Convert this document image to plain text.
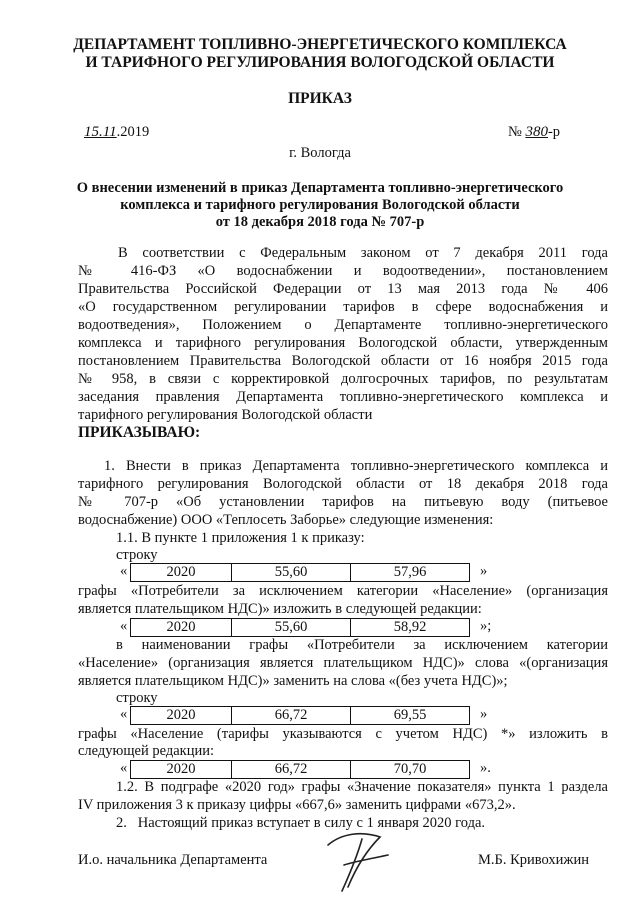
ДЕПАРТАМЕНТ ТОПЛИВНО-ЭНЕРГЕТИЧЕСКОГО КОМПЛЕКСА
И ТАРИФНОГО РЕГУЛИРОВАНИЯ ВОЛОГОДСКОЙ ОБЛАСТИ
ПРИКАЗ
15.11.2019	№ 380-р
г. Вологда
О внесении изменений в приказ Департамента топливно-энергетического
комплекса и тарифного регулирования Вологодской области
от 18 декабря 2018 года № 707-р
В соответствии с Федеральным законом от 7 декабря 2011 года
№ 416-ФЗ «О водоснабжении и водоотведении», постановлением
Правительства Российской Федерации от 13 мая 2013 года № 406
«О государственном регулировании тарифов в сфере водоснабжения и
водоотведения», Положением о Департаменте топливно-энергетического
комплекса и тарифного регулирования Вологодской области, утвержденным
постановлением Правительства Вологодской области от 16 ноября 2015 года
№ 958, в связи с корректировкой долгосрочных тарифов, по результатам
заседания правления Департамента топливно-энергетического комплекса и
тарифного регулирования Вологодской области
ПРИКАЗЫВАЮ:
1. Внести в приказ Департамента топливно-энергетического комплекса и
тарифного регулирования Вологодской области от 18 декабря 2018 года
№ 707-р «Об установлении тарифов на питьевую воду (питьевое
водоснабжение) ООО «Теплосеть Заборье» следующие изменения:
1.1. В пункте 1 приложения 1 к приказу:
строку
«	2020	55,60	57,96	»
графы «Потребители за исключением категории «Население» (организация
является плательщиком НДС)» изложить в следующей редакции:
«	2020	55,60	58,92	»;
в наименовании графы «Потребители за исключением категории
«Население» (организация является плательщиком НДС)» слова «(организация
является плательщиком НДС)» заменить на слова «(без учета НДС)»;
строку
«	2020	66,72	69,55	»
графы «Население (тарифы указываются с учетом НДС) *» изложить в
следующей редакции:
«	2020	66,72	70,70	».
1.2. В подграфе «2020 год» графы «Значение показателя» пункта 1 раздела
IV приложения 3 к приказу цифры «667,6» заменить цифрами «673,2».
2.   Настоящий приказ вступает в силу с 1 января 2020 года.
И.о. начальника Департамента	М.Б. Кривохижин
